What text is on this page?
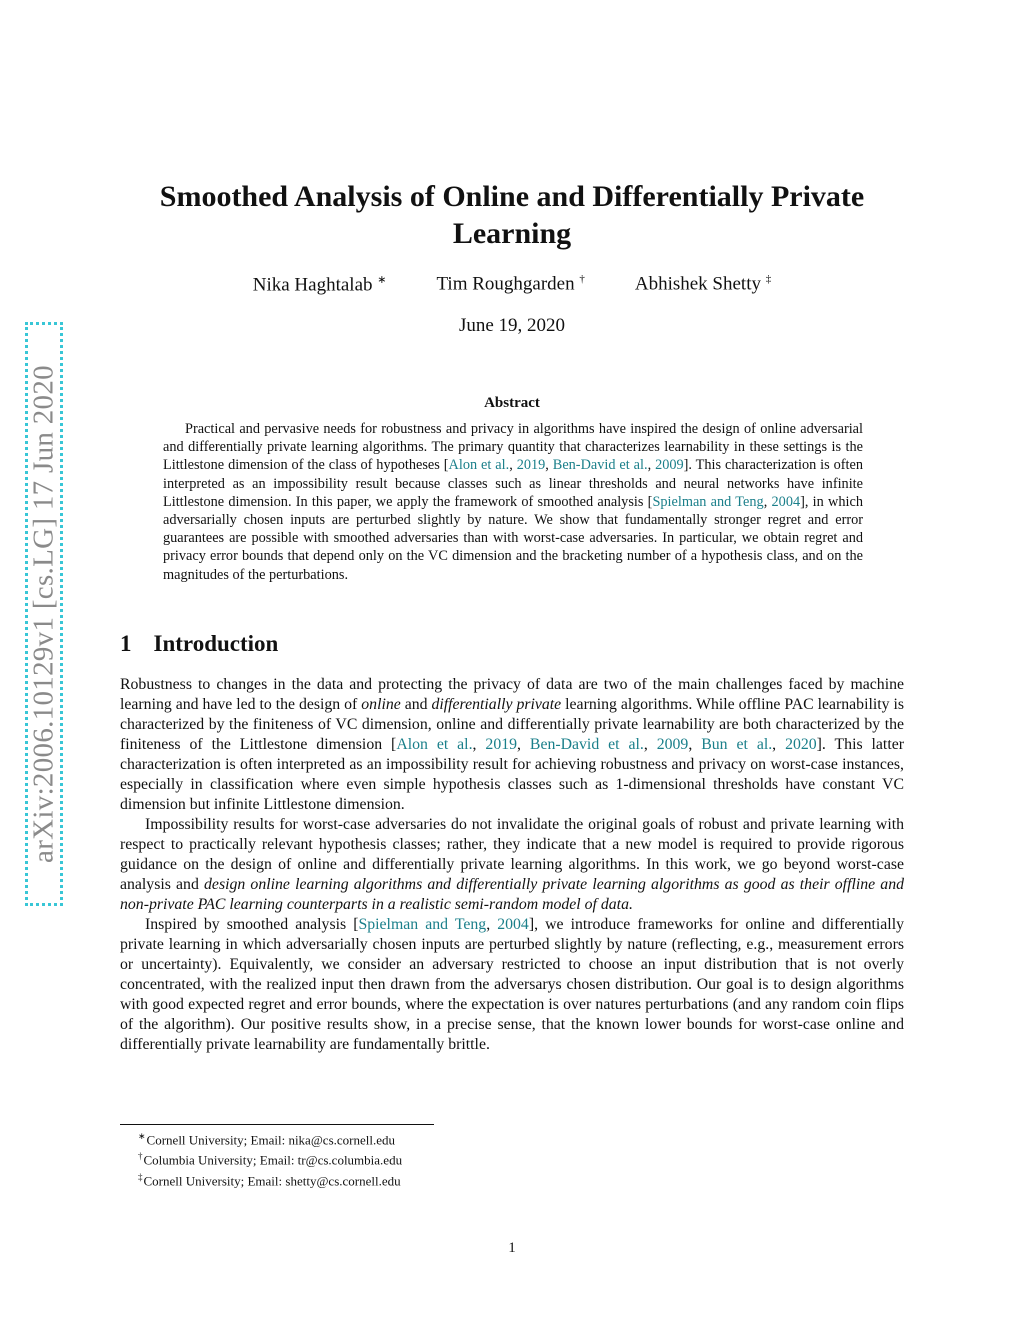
arXiv:2006.10129v1 [cs.LG] 17 Jun 2020
Smoothed Analysis of Online and Differentially Private
Learning
Nika Haghtalab ∗	Tim Roughgarden †	Abhishek Shetty ‡
June 19, 2020
Abstract

Practical and pervasive needs for robustness and privacy in algorithms have inspired the design of online adversarial and differentially private learning algorithms. The primary quantity that characterizes learnability in these settings is the Littlestone dimension of the class of hypotheses [Alon et al., 2019, Ben-David et al., 2009]. This characterization is often interpreted as an impossibility result because classes such as linear thresholds and neural networks have infinite Littlestone dimension. In this paper, we apply the framework of smoothed analysis [Spielman and Teng, 2004], in which adversarially chosen inputs are perturbed slightly by nature. We show that fundamentally stronger regret and error guarantees are possible with smoothed adversaries than with worst-case adversaries. In particular, we obtain regret and privacy error bounds that depend only on the VC dimension and the bracketing number of a hypothesis class, and on the magnitudes of the perturbations.

1 Introduction

Robustness to changes in the data and protecting the privacy of data are two of the main challenges faced by machine learning and have led to the design of online and differentially private learning algorithms. While offline PAC learnability is characterized by the finiteness of VC dimension, online and differentially private learnability are both characterized by the finiteness of the Littlestone dimension [Alon et al., 2019, Ben-David et al., 2009, Bun et al., 2020]. This latter characterization is often interpreted as an impossibility result for achieving robustness and privacy on worst-case instances, especially in classification where even simple hypothesis classes such as 1-dimensional thresholds have constant VC dimension but infinite Littlestone dimension.

Impossibility results for worst-case adversaries do not invalidate the original goals of robust and private learning with respect to practically relevant hypothesis classes; rather, they indicate that a new model is required to provide rigorous guidance on the design of online and differentially private learning algorithms. In this work, we go beyond worst-case analysis and design online learning algorithms and differentially private learning algorithms as good as their offline and non-private PAC learning counterparts in a realistic semi-random model of data.

Inspired by smoothed analysis [Spielman and Teng, 2004], we introduce frameworks for online and differentially private learning in which adversarially chosen inputs are perturbed slightly by nature (reflecting, e.g., measurement errors or uncertainty). Equivalently, we consider an adversary restricted to choose an input distribution that is not overly concentrated, with the realized input then drawn from the adversarys chosen distribution. Our goal is to design algorithms with good expected regret and error bounds, where the expectation is over natures perturbations (and any random coin flips of the algorithm). Our positive results show, in a precise sense, that the known lower bounds for worst-case online and differentially private learnability are fundamentally brittle.

∗Cornell University; Email: nika@cs.cornell.edu
†Columbia University; Email: tr@cs.columbia.edu
‡Cornell University; Email: shetty@cs.cornell.edu
1
